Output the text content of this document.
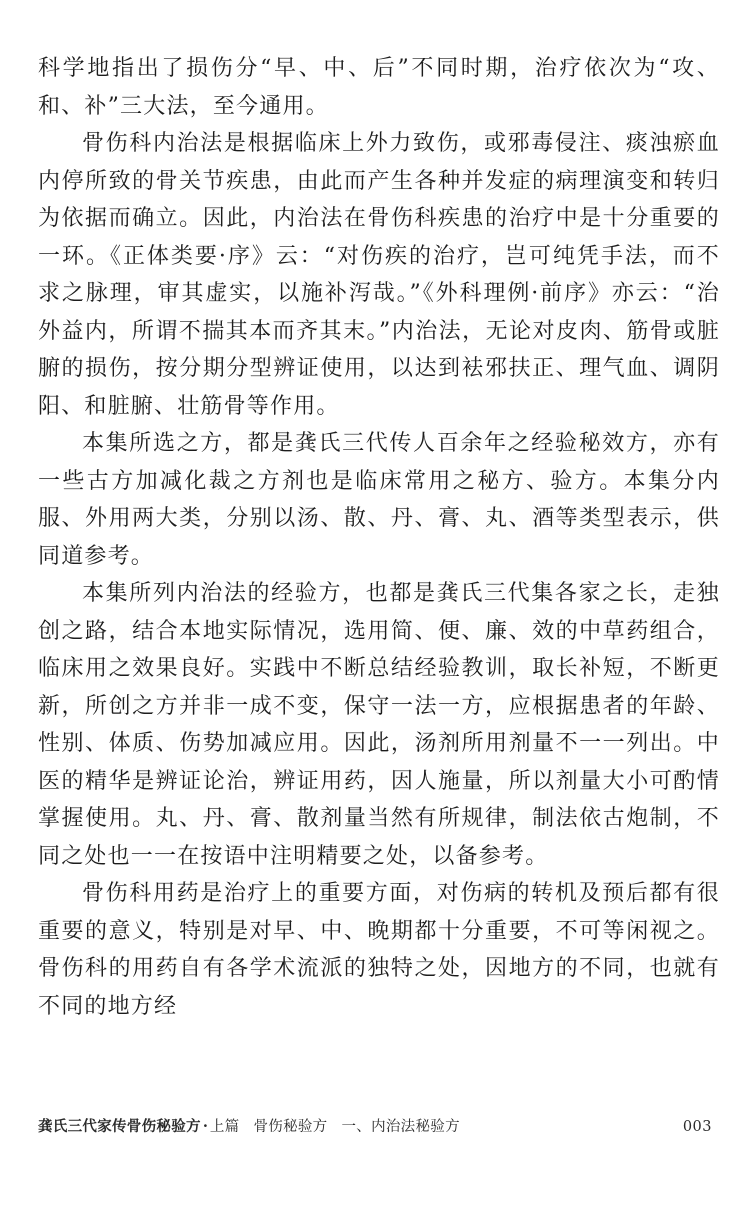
科学地指出了损伤分“早、中、后”不同时期，治疗依次为“攻、和、补”三大法，至今通用。

骨伤科内治法是根据临床上外力致伤，或邪毒侵注、痰浊瘀血内停所致的骨关节疾患，由此而产生各种并发症的病理演变和转归为依据而确立。因此，内治法在骨伤科疾患的治疗中是十分重要的一环。《正体类要·序》云：“对伤疾的治疗，岂可纯凭手法，而不求之脉理，审其虚实，以施补泻哉。”《外科理例·前序》亦云：“治外益内，所谓不揣其本而齐其末。”内治法，无论对皮肉、筋骨或脏腑的损伤，按分期分型辨证使用，以达到袪邪扶正、理气血、调阴阳、和脏腑、壮筋骨等作用。

本集所选之方，都是龚氏三代传人百余年之经验秘效方，亦有一些古方加减化裁之方剂也是临床常用之秘方、验方。本集分内服、外用两大类，分别以汤、散、丹、膏、丸、酒等类型表示，供同道参考。

本集所列内治法的经验方，也都是龚氏三代集各家之长，走独创之路，结合本地实际情况，选用简、便、廉、效的中草药组合，临床用之效果良好。实践中不断总结经验教训，取长补短，不断更新，所创之方并非一成不变，保守一法一方，应根据患者的年龄、性别、体质、伤势加减应用。因此，汤剂所用剂量不一一列出。中医的精华是辨证论治，辨证用药，因人施量，所以剂量大小可酌情掌握使用。丸、丹、膏、散剂量当然有所规律，制法依古炮制，不同之处也一一在按语中注明精要之处，以备参考。

骨伤科用药是治疗上的重要方面，对伤病的转机及预后都有很重要的意义，特别是对早、中、晚期都十分重要，不可等闲视之。骨伤科的用药自有各学术流派的独特之处，因地方的不同，也就有不同的地方经

龚氏三代家传骨伤秘验方 · 上篇 骨伤秘验方 一、内治法秘验方	003
